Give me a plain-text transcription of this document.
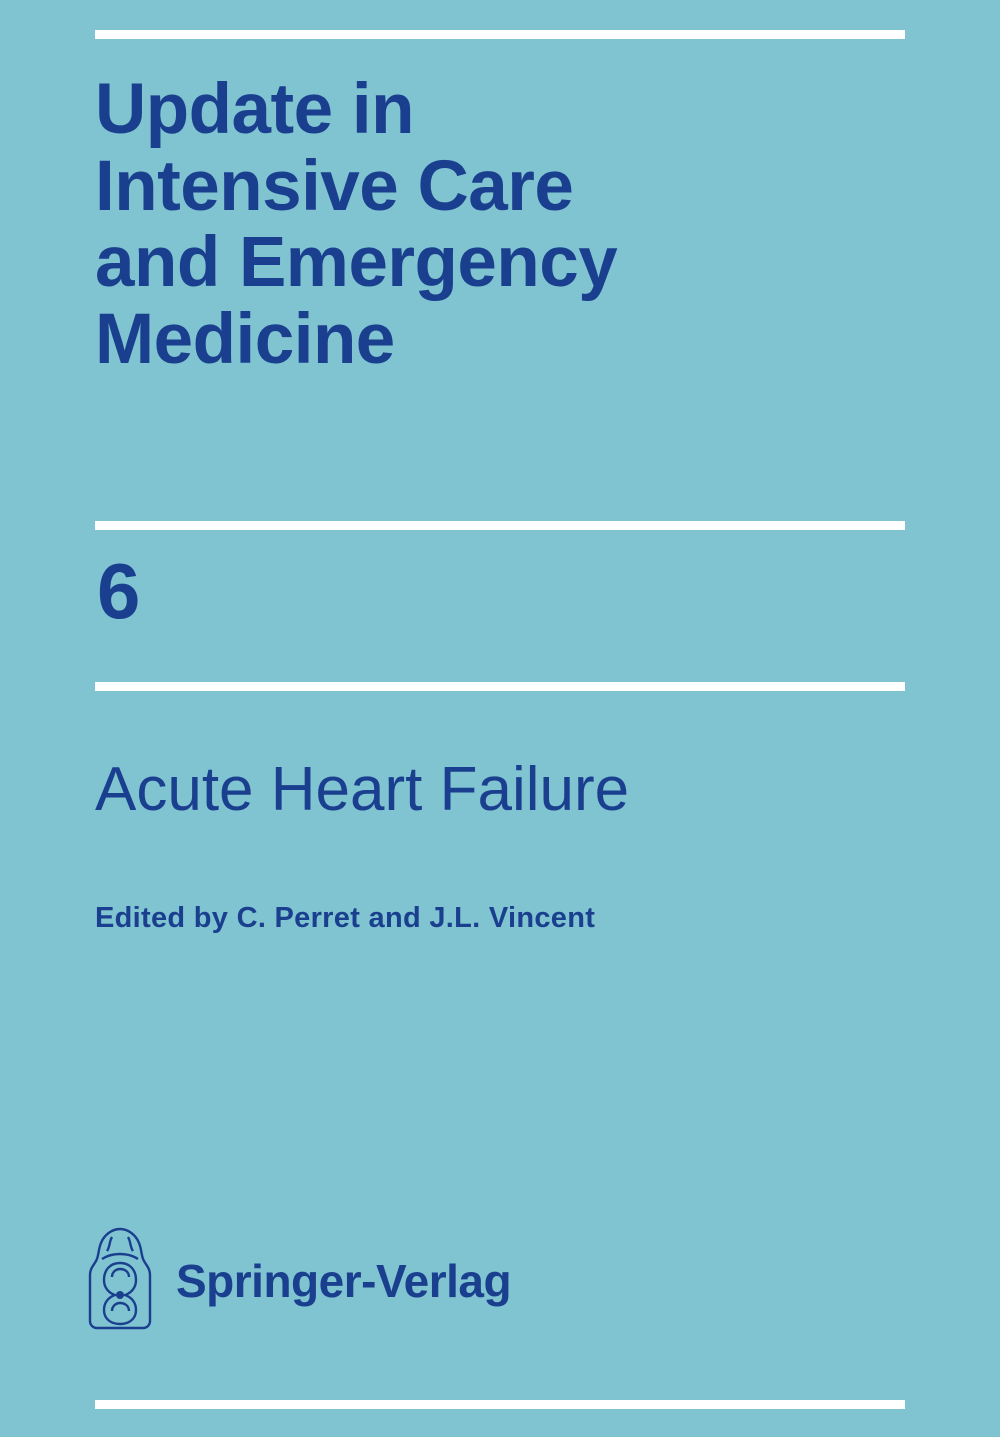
Update in
Intensive Care
and Emergency
Medicine
6
Acute Heart Failure
Edited by C. Perret and J.L. Vincent
Springer-Verlag
